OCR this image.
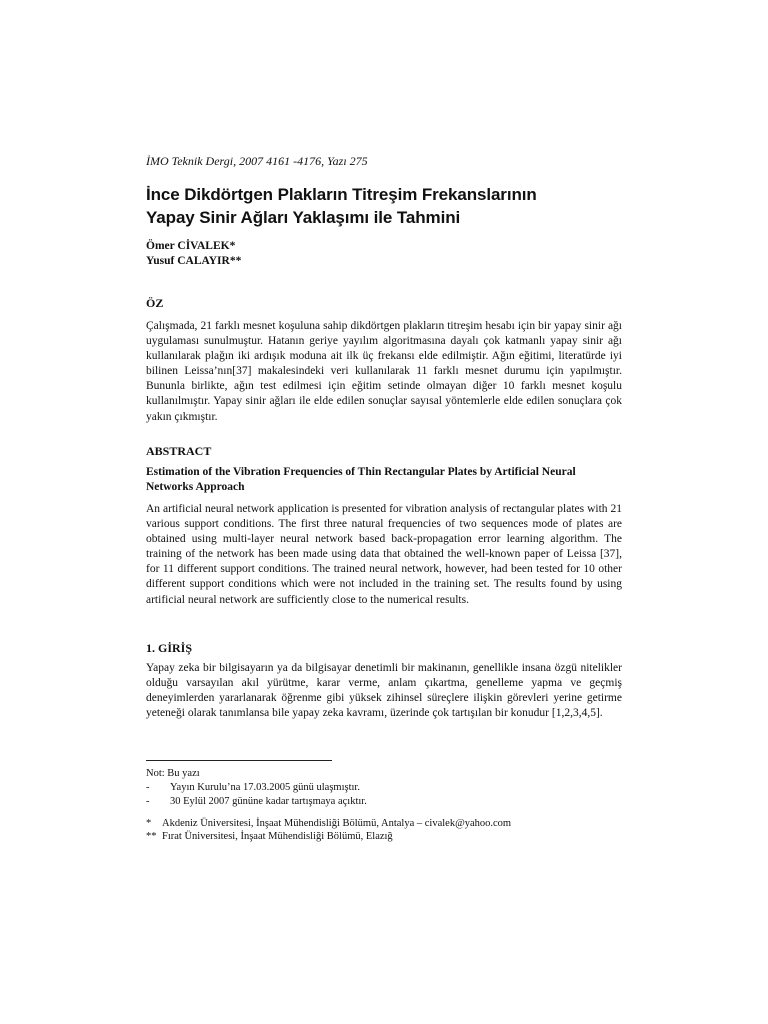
İMO Teknik Dergi, 2007 4161 -4176, Yazı 275
İnce Dikdörtgen Plakların Titreşim Frekanslarının
Yapay Sinir Ağları Yaklaşımı ile Tahmini
Ömer CİVALEK*
Yusuf CALAYIR**
ÖZ
Çalışmada, 21 farklı mesnet koşuluna sahip dikdörtgen plakların titreşim hesabı için bir yapay sinir ağı uygulaması sunulmuştur. Hatanın geriye yayılım algoritmasına dayalı çok katmanlı yapay sinir ağı kullanılarak plağın iki ardışık moduna ait ilk üç frekansı elde edilmiştir. Ağın eğitimi, literatürde iyi bilinen Leissa’nın[37] makalesindeki veri kullanılarak 11 farklı mesnet durumu için yapılmıştır. Bununla birlikte, ağın test edilmesi için eğitim setinde olmayan diğer 10 farklı mesnet koşulu kullanılmıştır. Yapay sinir ağları ile elde edilen sonuçlar sayısal yöntemlerle elde edilen sonuçlara çok yakın çıkmıştır.
ABSTRACT
Estimation of the Vibration Frequencies of Thin Rectangular Plates by Artificial Neural Networks Approach
An artificial neural network application is presented for vibration analysis of rectangular plates with 21 various support conditions. The first three natural frequencies of two sequences mode of plates are obtained using multi-layer neural network based back-propagation error learning algorithm. The training of the network has been made using data that obtained the well-known paper of Leissa [37], for 11 different support conditions. The trained neural network, however, had been tested for 10 other different support conditions which were not included in the training set. The results found by using artificial neural network are sufficiently close to the numerical results.
1. GİRİŞ
Yapay zeka bir bilgisayarın ya da bilgisayar denetimli bir makinanın, genellikle insana özgü nitelikler olduğu varsayılan akıl yürütme, karar verme, anlam çıkartma, genelleme yapma ve geçmiş deneyimlerden yararlanarak öğrenme gibi yüksek zihinsel süreçlere ilişkin görevleri yerine getirme yeteneği olarak tanımlansa bile yapay zeka kavramı, üzerinde çok tartışılan bir konudur [1,2,3,4,5].
Not: Bu yazı
-	Yayın Kurulu’na 17.03.2005 günü ulaşmıştır.
-	30 Eylül 2007 gününe kadar tartışmaya açıktır.
* Akdeniz Üniversitesi, İnşaat Mühendisliği Bölümü, Antalya – civalek@yahoo.com
** Fırat Üniversitesi, İnşaat Mühendisliği Bölümü, Elazığ
